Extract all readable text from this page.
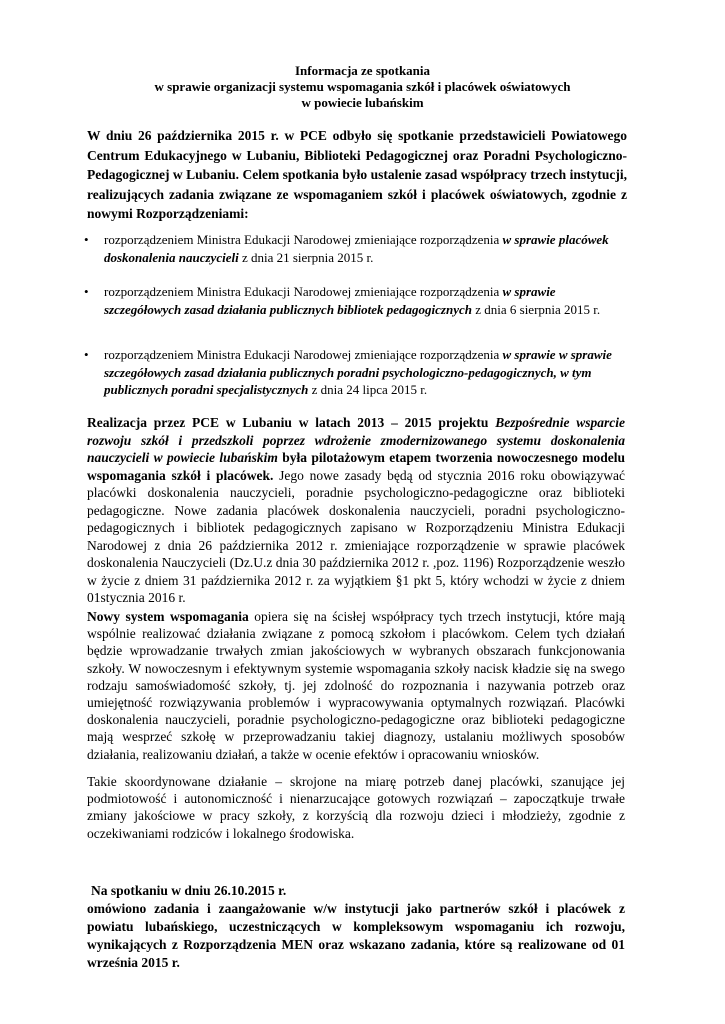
Informacja ze spotkania
w sprawie organizacji systemu wspomagania szkół i placówek oświatowych
w powiecie lubańskim
W dniu 26 października 2015 r. w PCE odbyło się spotkanie przedstawicieli Powiatowego Centrum Edukacyjnego w Lubaniu, Biblioteki Pedagogicznej oraz Poradni Psychologiczno-Pedagogicznej w Lubaniu. Celem spotkania było ustalenie zasad współpracy trzech instytucji, realizujących zadania związane ze wspomaganiem szkół i placówek oświatowych, zgodnie z nowymi Rozporządzeniami:
• rozporządzeniem Ministra Edukacji Narodowej zmieniające rozporządzenia w sprawie placówek doskonalenia nauczycieli z dnia 21 sierpnia 2015 r.
• rozporządzeniem Ministra Edukacji Narodowej zmieniające rozporządzenia w sprawie szczegółowych zasad działania publicznych bibliotek pedagogicznych z dnia 6 sierpnia 2015 r.
• rozporządzeniem Ministra Edukacji Narodowej zmieniające rozporządzenia w sprawie w sprawie szczegółowych zasad działania publicznych poradni psychologiczno-pedagogicznych, w tym publicznych poradni specjalistycznych z dnia 24 lipca 2015 r.
Realizacja przez PCE w Lubaniu w latach 2013 – 2015 projektu Bezpośrednie wsparcie rozwoju szkół i przedszkoli poprzez wdrożenie zmodernizowanego systemu doskonalenia nauczycieli w powiecie lubańskim była pilotażowym etapem tworzenia nowoczesnego modelu wspomagania szkół i placówek. Jego nowe zasady będą od stycznia 2016 roku obowiązywać placówki doskonalenia nauczycieli, poradnie psychologiczno-pedagogiczne oraz biblioteki pedagogiczne. Nowe zadania placówek doskonalenia nauczycieli, poradni psychologiczno-pedagogicznych i bibliotek pedagogicznych zapisano w Rozporządzeniu Ministra Edukacji Narodowej z dnia 26 października 2012 r. zmieniające rozporządzenie w sprawie placówek doskonalenia Nauczycieli (Dz.U.z dnia 30 października 2012 r. ,poz. 1196) Rozporządzenie weszło w życie z dniem 31 października 2012 r. za wyjątkiem §1 pkt 5, który wchodzi w życie z dniem 01stycznia 2016 r.
Nowy system wspomagania opiera się na ścisłej współpracy tych trzech instytucji, które mają wspólnie realizować działania związane z pomocą szkołom i placówkom. Celem tych działań będzie wprowadzanie trwałych zmian jakościowych w wybranych obszarach funkcjonowania szkoły. W nowoczesnym i efektywnym systemie wspomagania szkoły nacisk kładzie się na swego rodzaju samoświadomość szkoły, tj. jej zdolność do rozpoznania i nazywania potrzeb oraz umiejętność rozwiązywania problemów i wypracowywania optymalnych rozwiązań. Placówki doskonalenia nauczycieli, poradnie psychologiczno-pedagogiczne oraz biblioteki pedagogiczne mają wesprzeć szkołę w przeprowadzaniu takiej diagnozy, ustalaniu możliwych sposobów działania, realizowaniu działań, a także w ocenie efektów i opracowaniu wniosków.
Takie skoordynowane działanie – skrojone na miarę potrzeb danej placówki, szanujące jej podmiotowość i autonomiczność i nienarzucające gotowych rozwiązań – zapoczątkuje trwałe zmiany jakościowe w pracy szkoły, z korzyścią dla rozwoju dzieci i młodzieży, zgodnie z oczekiwaniami rodziców i lokalnego środowiska.
Na spotkaniu w dniu 26.10.2015 r.
omówiono zadania i zaangażowanie w/w instytucji jako partnerów szkół i placówek z powiatu lubańskiego, uczestniczących w kompleksowym wspomaganiu ich rozwoju, wynikających z Rozporządzenia MEN oraz wskazano zadania, które są realizowane od 01 września 2015 r.
